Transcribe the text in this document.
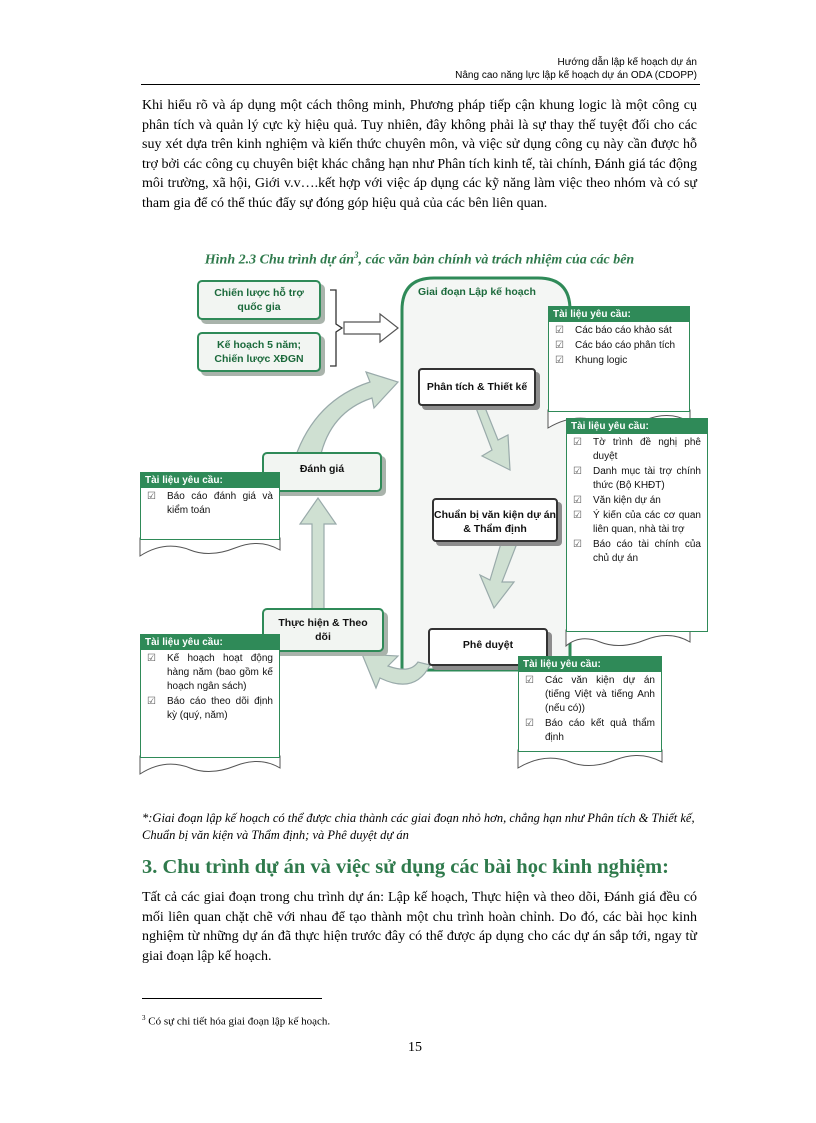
Hướng dẫn lập kế hoạch dự án
Nâng cao năng lực lập kế hoạch dự án ODA (CDOPP)
Khi hiểu rõ và áp dụng một cách thông minh, Phương pháp tiếp cận khung logic là một công cụ phân tích và quản lý cực kỳ hiệu quả. Tuy nhiên, đây không phải là sự thay thế tuyệt đối cho các suy xét dựa trên kinh nghiệm và kiến thức chuyên môn, và việc sử dụng công cụ này cần được hỗ trợ bởi các công cụ chuyên biệt khác chẳng hạn như Phân tích kinh tế, tài chính, Đánh giá tác động môi trường, xã hội, Giới v.v….kết hợp với việc áp dụng các kỹ năng làm việc theo nhóm và có sự tham gia để có thể thúc đẩy sự đóng góp hiệu quả của các bên liên quan.
Hình 2.3 Chu trình dự $án^3$, các văn bản chính và trách nhiệm của các bên
Chiến lược hỗ trợ quốc gia
Kế hoạch 5 năm; Chiến lược XĐGN
Giai đoạn Lập kế hoạch
Phân tích & Thiết kế
Chuẩn bị văn kiện dự án & Thẩm định
Phê duyệt
Đánh giá
Thực hiện & Theo dõi
Tài liệu yêu cầu:
☑ Các báo cáo khảo sát
☑ Các báo cáo phân tích
☑ Khung logic
Tài liệu yêu cầu:
☑ Tờ trình đề nghị phê duyệt
☑ Danh mục tài trợ chính thức (Bộ KHĐT)
☑ Văn kiện dự án
☑ Ý kiến của các cơ quan liên quan, nhà tài trợ
☑ Báo cáo tài chính của chủ dự án
Tài liệu yêu cầu:
☑ Các văn kiện dự án (tiếng Việt và tiếng Anh (nếu có))
☑ Báo cáo kết quả thẩm định
Tài liệu yêu cầu:
☑ Báo cáo đánh giá và kiểm toán
Tài liệu yêu cầu:
☑ Kế hoạch hoạt động hàng năm (bao gồm kế hoạch ngân sách)
☑ Báo cáo theo dõi định kỳ (quý, năm)
*:Giai đoạn lập kế hoạch có thể được chia thành các giai đoạn nhỏ hơn, chẳng hạn như Phân tích & Thiết kế, Chuẩn bị văn kiện và Thẩm định; và Phê duyệt dự án
3. Chu trình dự án và việc sử dụng các bài học kinh nghiệm:
Tất cả các giai đoạn trong chu trình dự án: Lập kế hoạch, Thực hiện và theo dõi, Đánh giá đều có mối liên quan chặt chẽ với nhau để tạo thành một chu trình hoàn chỉnh. Do đó, các bài học kinh nghiệm từ những dự án đã thực hiện trước đây có thể được áp dụng cho các dự án sắp tới, ngay từ giai đoạn lập kế hoạch.
$^3$ Có sự chi tiết hóa giai đoạn lập kế hoạch.
15
